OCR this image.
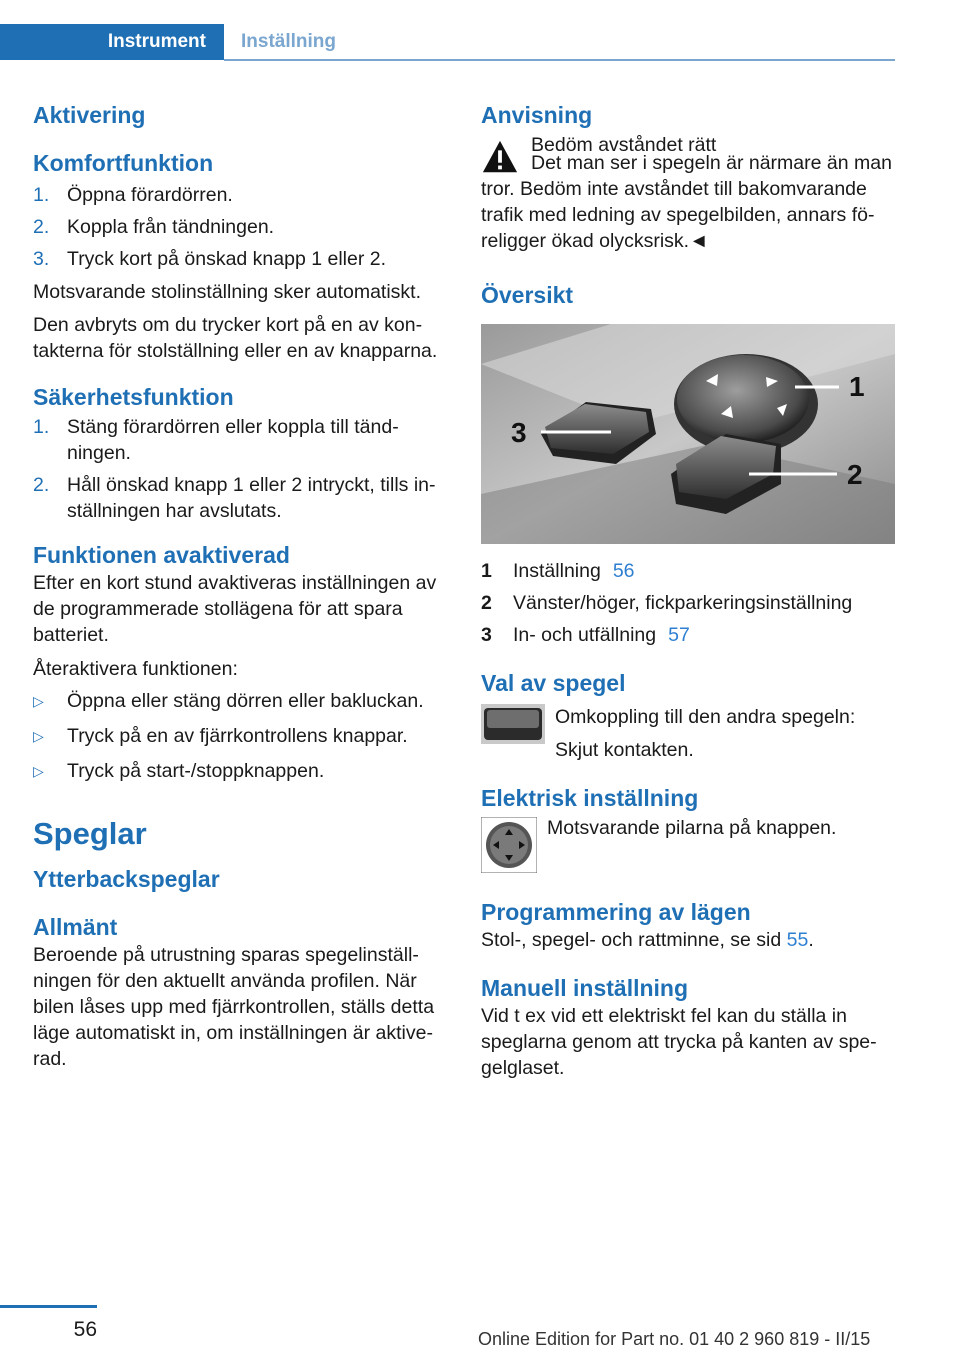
Instrument	Inställning
Aktivering
Komfortfunktion
1. Öppna förardörren.
2. Koppla från tändningen.
3. Tryck kort på önskad knapp 1 eller 2.

Motsvarande stolinställning sker automatiskt.

Den avbryts om du trycker kort på en av kontakterna för stolställning eller en av knapparna.

Säkerhetsfunktion
1. Stäng förardörren eller koppla till tändningen.
2. Håll önskad knapp 1 eller 2 intryckt, tills inställningen har avslutats.
Funktionen avaktiverad

Efter en kort stund avaktiveras inställningen av de programmerade stollägena för att spara batteriet.

Återaktivera funktionen:

▷ Öppna eller stäng dörren eller bakluckan.
▷ Tryck på en av fjärrkontrollens knappar.
▷ Tryck på start-/stoppknappen.
Speglar
Ytterbackspeglar
Allmänt

Beroende på utrustning sparas spegelinställningen för den aktuellt använda profilen. När bilen låses upp med fjärrkontrollen, ställs detta läge automatiskt in, om inställningen är aktiverad.

Anvisning

Bedöm avståndet rätt

Det man ser i spegeln är närmare än man tror. Bedöm inte avståndet till bakomvarande trafik med ledning av spegelbilden, annars föreligger ökad olycksrisk.◄

Översikt
1
2
3
1 Inställning 56
2 Vänster/höger, fickparkeringsinställning
3 In- och utfällning 57
Val av spegel

Omkoppling till den andra spegeln:

Skjut kontakten.

Elektrisk inställning

Motsvarande pilarna på knappen.

Programmering av lägen

Stol-, spegel- och rattminne, se sid 55.

Manuell inställning

Vid t ex vid ett elektriskt fel kan du ställa in speglarna genom att trycka på kanten av spegelglaset.

56	Online Edition for Part no. 01 40 2 960 819 - II/15
